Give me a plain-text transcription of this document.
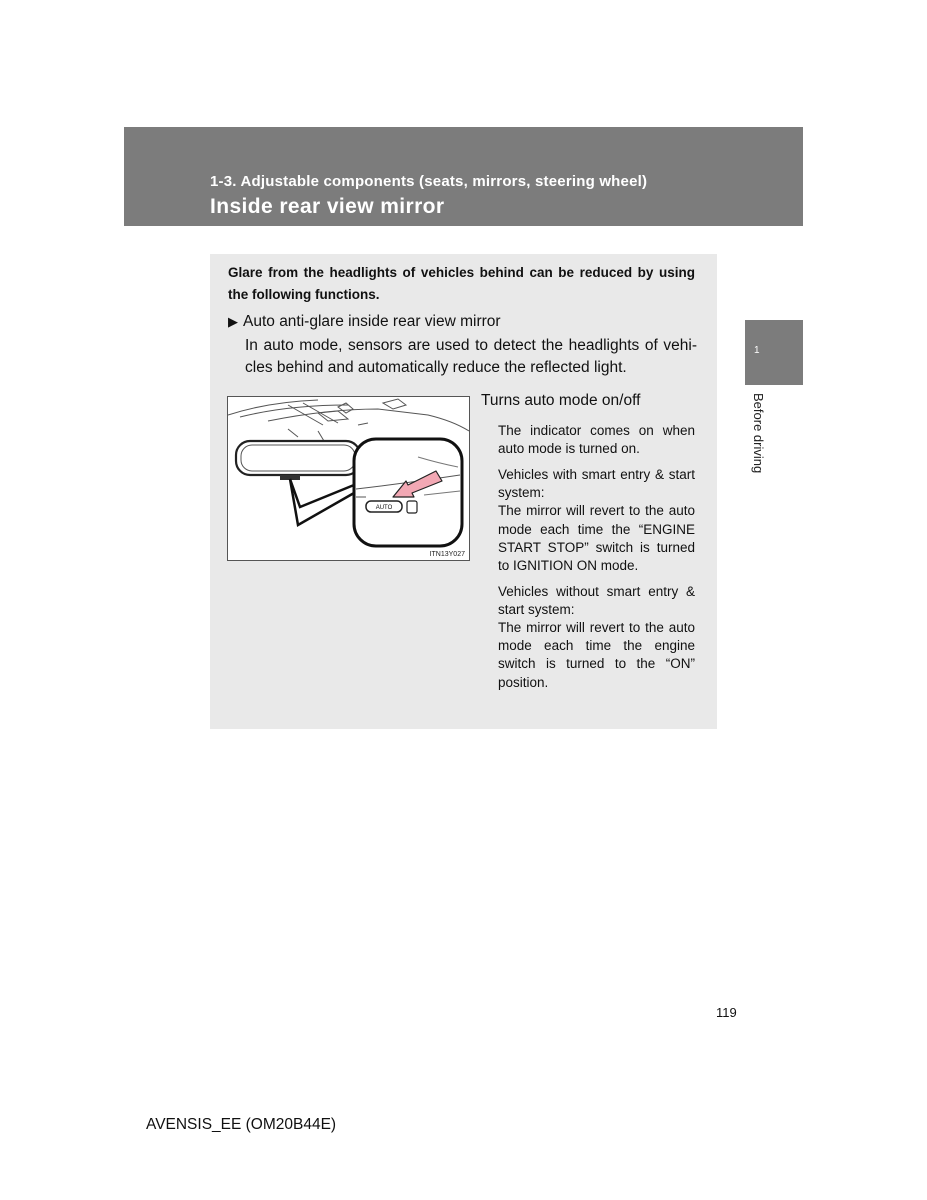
1-3. Adjustable components (seats, mirrors, steering wheel)
Inside rear view mirror
1
Before driving
Glare from the headlights of vehicles behind can be reduced by using the following functions.
▶ Auto anti-glare inside rear view mirror
In auto mode, sensors are used to detect the headlights of vehi-cles behind and automatically reduce the reflected light.
AUTO
ITN13Y027
Turns auto mode on/off

The indicator comes on when auto mode is turned on.

Vehicles with smart entry & start system:

The mirror will revert to the auto mode each time the “ENGINE START STOP” switch is turned to IGNITION ON mode.

Vehicles without smart entry & start system:

The mirror will revert to the auto mode each time the engine switch is turned to the “ON” position.

119
AVENSIS_EE (OM20B44E)
